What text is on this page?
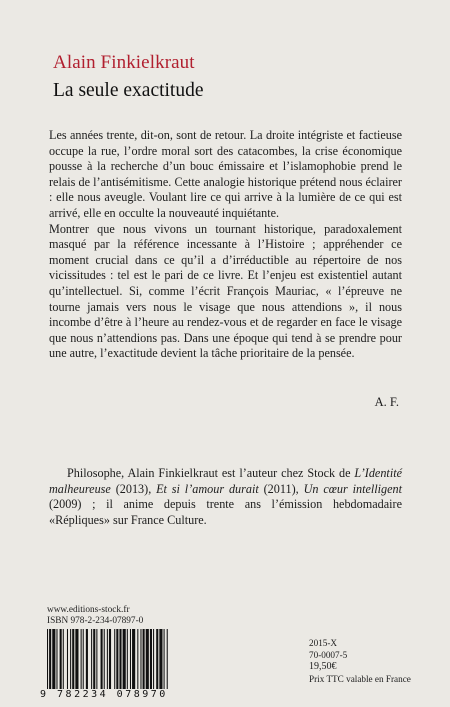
Alain Finkielkraut
La seule exactitude

Les années trente, dit-on, sont de retour. La droite intégriste et factieuse occupe la rue, l’ordre moral sort des catacombes, la crise économique pousse à la recherche d’un bouc émissaire et l’islamophobie prend le relais de l’antisémitisme. Cette analogie historique prétend nous éclairer : elle nous aveugle. Voulant lire ce qui arrive à la lumière de ce qui est arrivé, elle en occulte la nouveauté inquiétante.

Montrer que nous vivons un tournant historique, paradoxalement masqué par la référence incessante à l’Histoire ; appréhender ce moment crucial dans ce qu’il a d’irréductible au répertoire de nos vicissitudes : tel est le pari de ce livre. Et l’enjeu est existentiel autant qu’intellectuel. Si, comme l’écrit François Mauriac, « l’épreuve ne tourne jamais vers nous le visage que nous attendions », il nous incombe d’être à l’heure au rendez-vous et de regarder en face le visage que nous n’attendions pas. Dans une époque qui tend à se prendre pour une autre, l’exactitude devient la tâche prioritaire de la pensée.

A. F.
Philosophe, Alain Finkielkraut est l’auteur chez Stock de L’Identité malheureuse (2013), Et si l’amour durait (2011), Un cœur intelligent (2009) ; il anime depuis trente ans l’émission hebdomadaire «Répliques» sur France Culture.
www.editions-stock.fr
ISBN 978-2-234-07897-0
9 782234 078970
2015-X
70-0007-5
19,50€
Prix TTC valable en France
